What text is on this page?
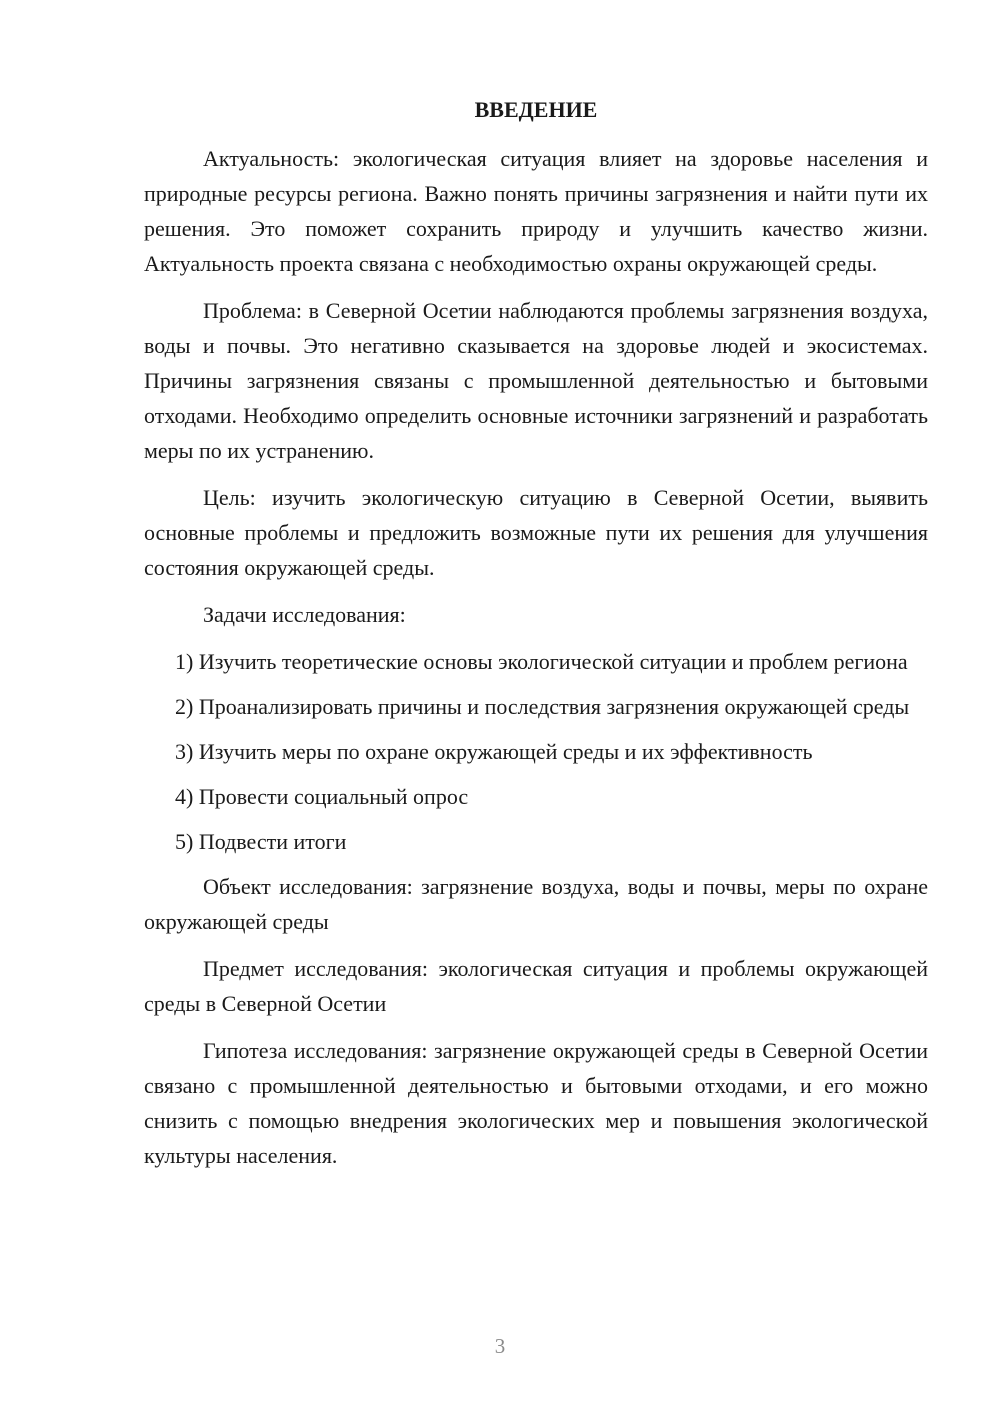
ВВЕДЕНИЕ
Актуальность: экологическая ситуация влияет на здоровье населения и природные ресурсы региона. Важно понять причины загрязнения и найти пути их решения. Это поможет сохранить природу и улучшить качество жизни. Актуальность проекта связана с необходимостью охраны окружающей среды.
Проблема: в Северной Осетии наблюдаются проблемы загрязнения воздуха, воды и почвы. Это негативно сказывается на здоровье людей и экосистемах. Причины загрязнения связаны с промышленной деятельностью и бытовыми отходами. Необходимо определить основные источники загрязнений и разработать меры по их устранению.
Цель: изучить экологическую ситуацию в Северной Осетии, выявить основные проблемы и предложить возможные пути их решения для улучшения состояния окружающей среды.
Задачи исследования:
1) Изучить теоретические основы экологической ситуации и проблем региона
2) Проанализировать причины и последствия загрязнения окружающей среды
3) Изучить меры по охране окружающей среды и их эффективность
4) Провести социальный опрос
5) Подвести итоги
Объект исследования: загрязнение воздуха, воды и почвы, меры по охране окружающей среды
Предмет исследования: экологическая ситуация и проблемы окружающей среды в Северной Осетии
Гипотеза исследования: загрязнение окружающей среды в Северной Осетии связано с промышленной деятельностью и бытовыми отходами, и его можно снизить с помощью внедрения экологических мер и повышения экологической культуры населения.
3
